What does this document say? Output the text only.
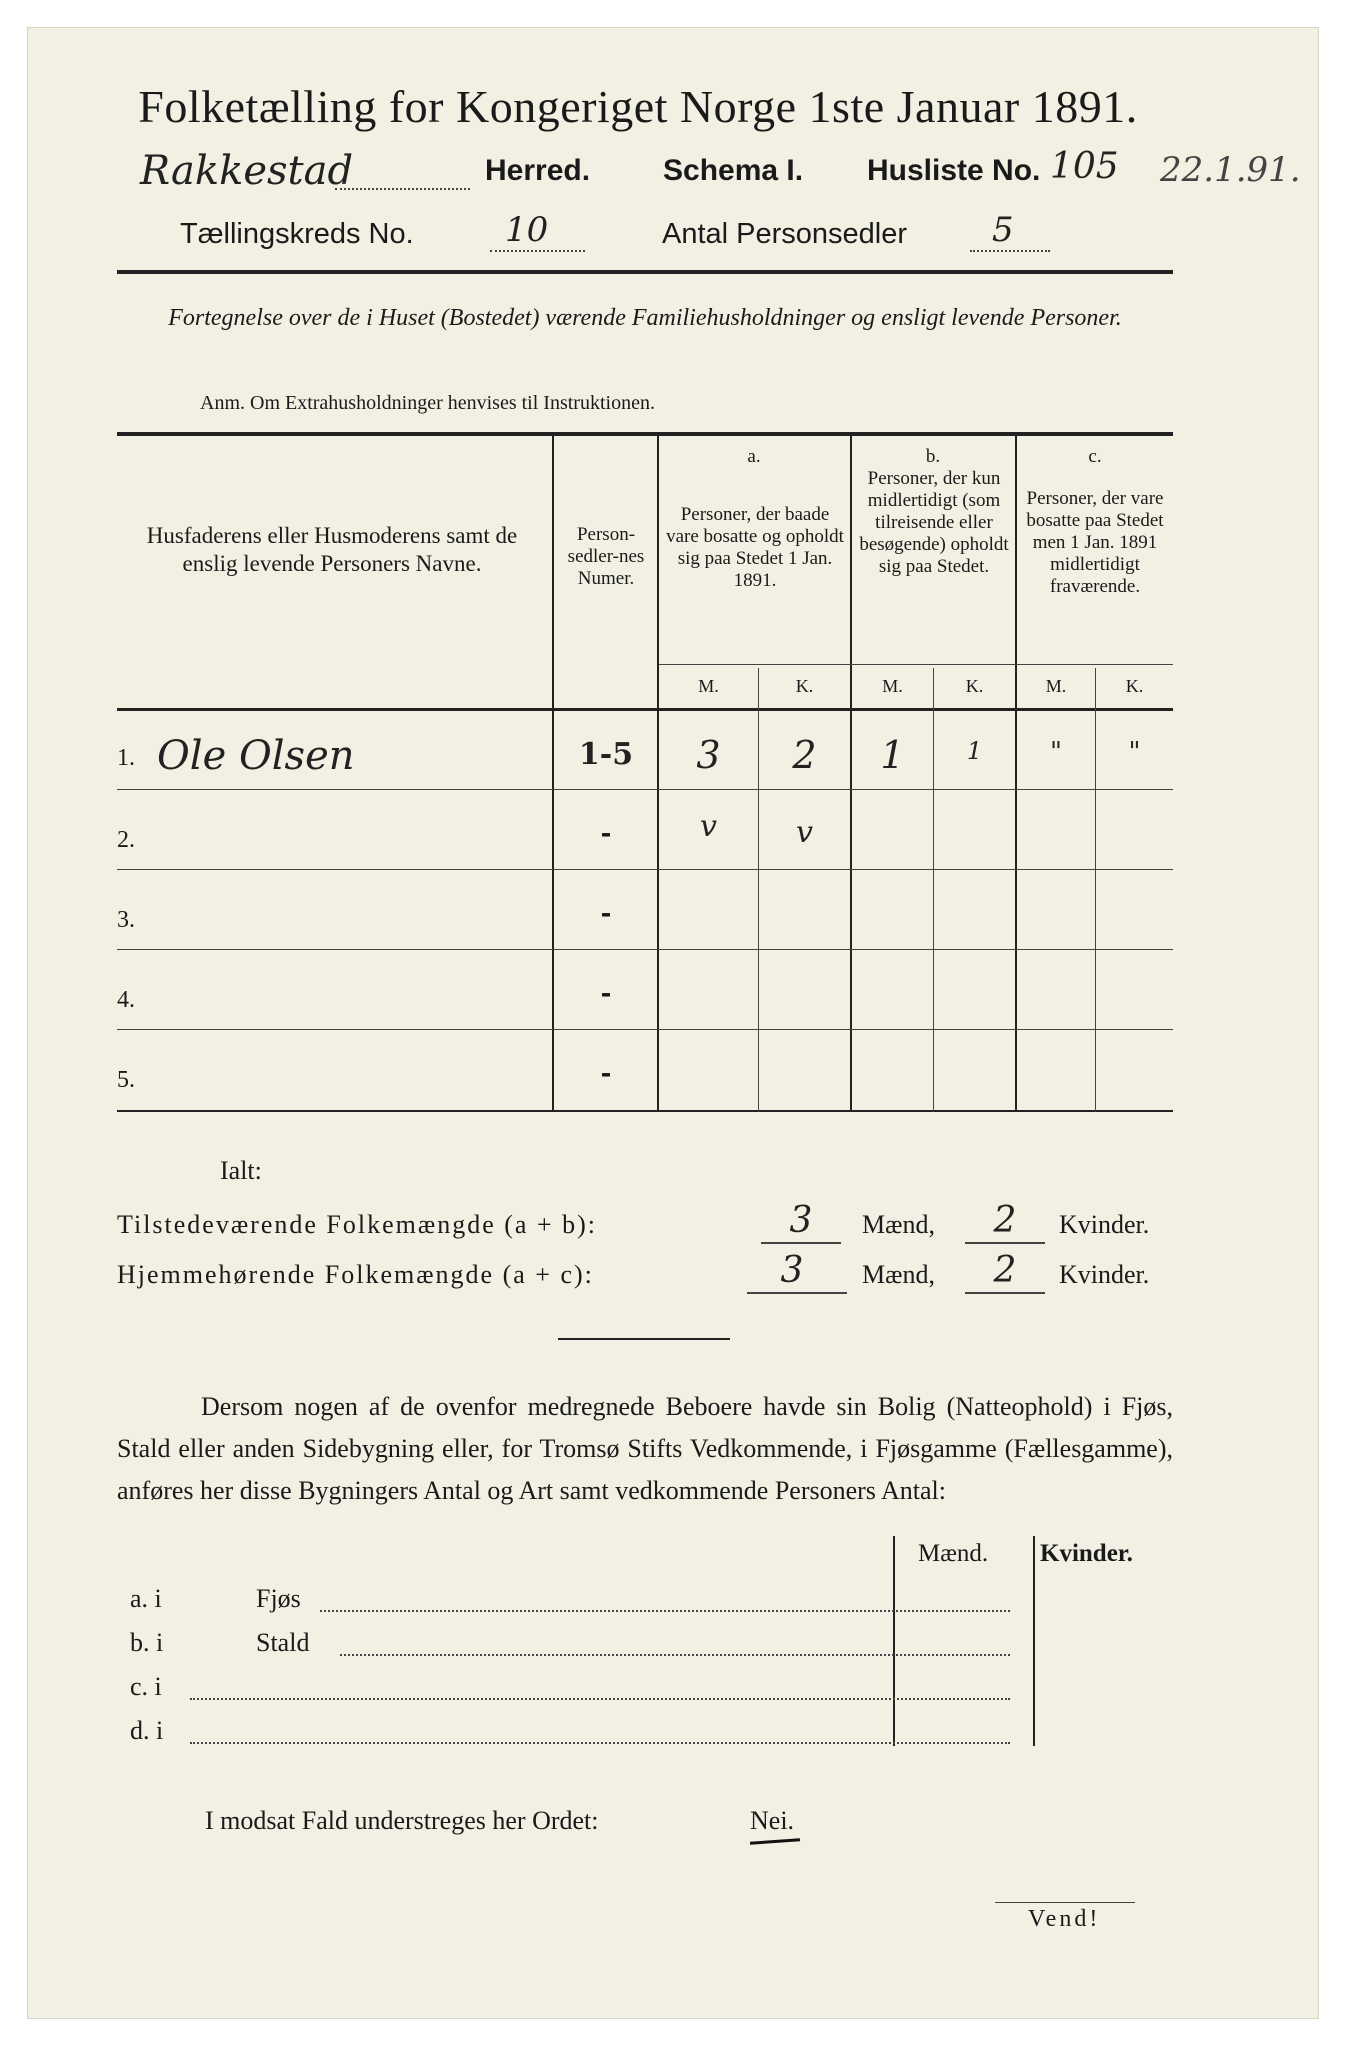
Folketælling for Kongeriget Norge 1ste Januar 1891.
Rakkestad	Herred. Schema I. Husliste No. 105 22.1.91.
Tællingskreds No.	10	Antal Personsedler 5
Fortegnelse over de i Huset (Bostedet) værende Familiehusholdninger og ensligt levende Personer.
Anm. Om Extrahusholdninger henvises til Instruktionen.
Husfaderens eller Husmoderens samt de enslig levende Personers Navne.
Person-sedler-nes Numer.
a.
Personer, der baade vare bosatte og opholdt sig paa Stedet 1 Jan. 1891.
b.
Personer, der kun midlertidigt (som tilreisende eller besøgende) opholdt sig paa Stedet.
c.
Personer, der vare bosatte paa Stedet men 1 Jan. 1891 midlertidigt fraværende.
M.	K.	M.	K.	M.	K.
1. Ole Olsen	1-5	3	2	1	1	"	"
2.	-	v	v
3.	-
4.	-
5.	-
Ialt:
Tilstedeværende Folkemængde (a + b):	3	Mænd,	2	Kvinder.
Hjemmehørende Folkemængde (a + c):	3	Mænd,	2	Kvinder.
Dersom nogen af de ovenfor medregnede Beboere havde sin Bolig (Natteophold) i Fjøs, Stald eller anden Sidebygning eller, for Tromsø Stifts Vedkommende, i Fjøsgamme (Fællesgamme), anføres her disse Bygningers Antal og Art samt vedkommende Personers Antal:
Mænd. Kvinder.
a. i	Fjøs
b. i	Stald
c. i
d. i
I modsat Fald understreges her Ordet:	Nei.
Vend!
